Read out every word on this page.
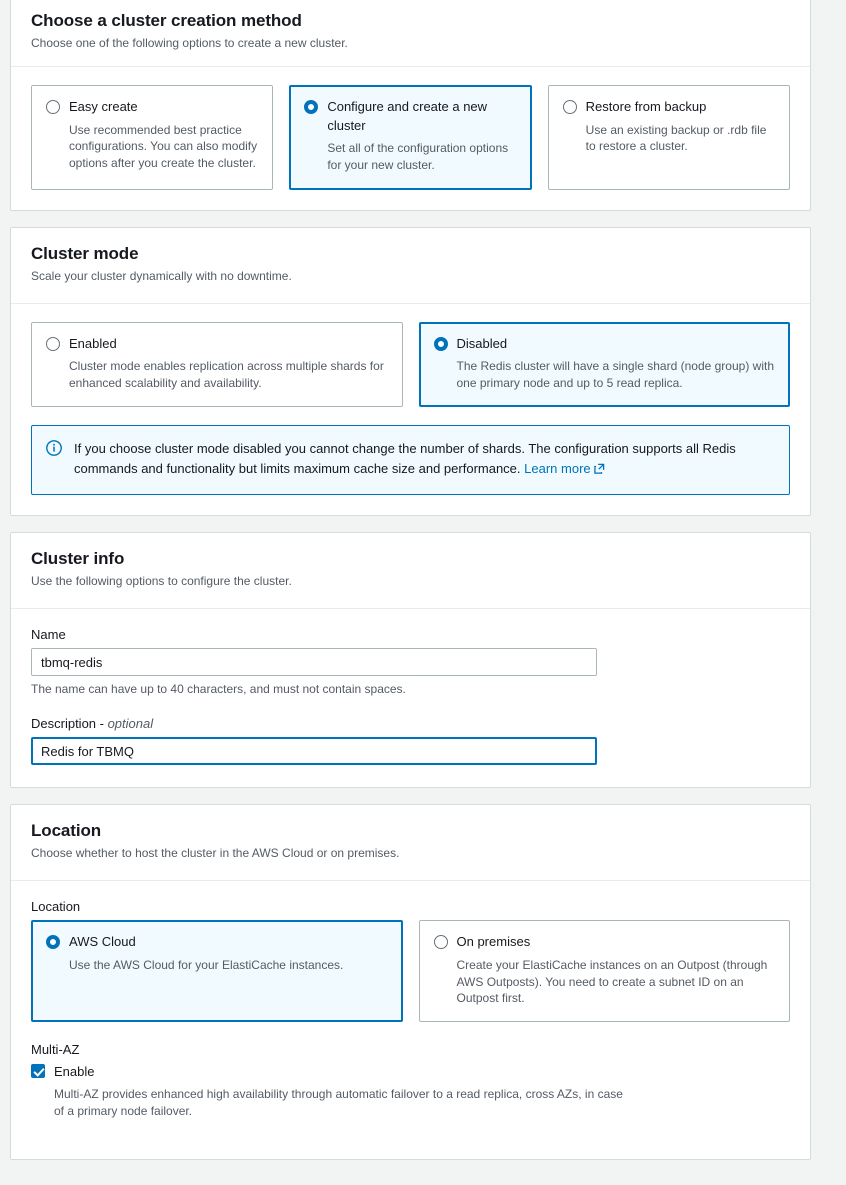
Choose a cluster creation method

Choose one of the following options to create a new cluster.

Easy create
Use recommended best practice configurations. You can also modify options after you create the cluster.
Configure and create a new cluster
Set all of the configuration options for your new cluster.
Restore from backup
Use an existing backup or .rdb file to restore a cluster.
Cluster mode

Scale your cluster dynamically with no downtime.

Enabled
Cluster mode enables replication across multiple shards for enhanced scalability and availability.
Disabled
The Redis cluster will have a single shard (node group) with one primary node and up to 5 read replica.
If you choose cluster mode disabled you cannot change the number of shards. The configuration supports all Redis commands and functionality but limits maximum cache size and performance. Learn more
Cluster info

Use the following options to configure the cluster.

Name
tbmq-redis

The name can have up to 40 characters, and must not contain spaces.

Description - optional
Redis for TBMQ
Location

Choose whether to host the cluster in the AWS Cloud or on premises.

Location
AWS Cloud
Use the AWS Cloud for your ElastiCache instances.
On premises
Create your ElastiCache instances on an Outpost (through AWS Outposts). You need to create a subnet ID on an Outpost first.
Multi-AZ
Enable

Multi-AZ provides enhanced high availability through automatic failover to a read replica, cross AZs, in case of a primary node failover.
